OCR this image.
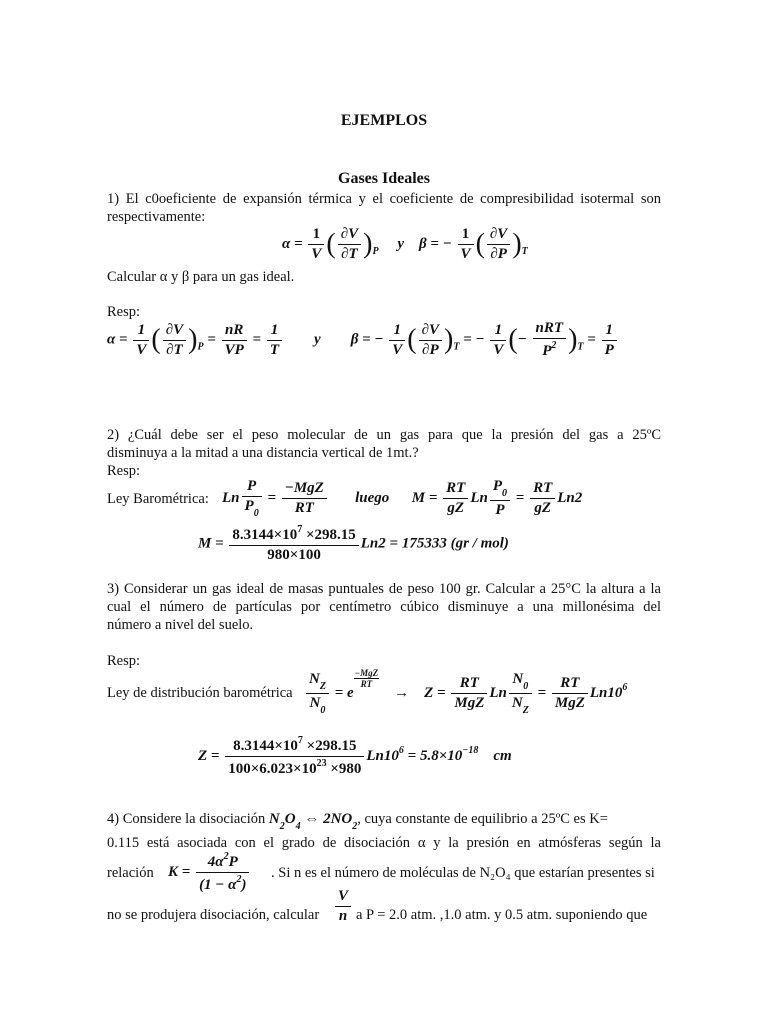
EJEMPLOS
Gases Ideales
1) El c0oeficiente de expansión térmica y el coeficiente de compresibilidad isotermal son
respectivamente:
$\alpha = \frac{1}{V}$ ( $\frac{\partial V}{\partial T} )_P$     y    β = − $\frac{1}{V}$ ( $\frac{\partial V}{\partial P} )_T$
Calcular α y β para un gas ideal.
Resp:
$\alpha = \frac{1}{V}$ ( $\frac{\partial V}{\partial T} )_P = \frac{nR}{VP} = \frac{1}{T}$ y        β = − $\frac{1}{V}$ ( $\frac{\partial V}{\partial P} )_T$ = − $\frac{1}{V}$ (− $\frac{\text{nRT}}{P^2} )_T = \frac{1}{P}$
2) ¿Cuál debe ser el peso molecular de un gas para que la presión del gas a 25ºC
disminuya a la mitad a una distancia vertical de 1mt.?
Resp:
Ley Barométrica: Ln $\frac{P}{P_0} = \frac{\text{−MgZ}}{RT}$ luego      $M = \frac{RT}{gZ}$ Ln $\frac{P_0}{P} = \frac{RT}{gZ} Ln2$
$M = \frac{8.3144\times 10^7 \times 298.15}{980\times 100} Ln2 = 175333$ (gr / mol)
3) Considerar un gas ideal de masas puntuales de peso 100 gr. Calcular a 25°C la altura a la
cual el número de partículas por centímetro cúbico disminuye a una millonésima del
número a nivel del suelo.
Resp:
Ley de distribución barométrica $\frac{N_Z}{N_0} = e$
$\frac{\text{−MgZ}}{RT}$
→    $Z = \frac{RT}{\text{MgZ}}$ Ln $\frac{N_0}{N_Z} = \frac{RT}{\text{MgZ}} Ln10^6$
$Z = \frac{8.3144\times 10^7 \times 298.15}{100\times 6.023\times 10^{23} \times 980} Ln10^6 = 5.8\times 10^{-18}$    cm
4) Considere la disociación $N_2O_4$ ⇔ $2NO_2$, cuya constante de equilibrio a 25ºC es K=
0.115 está asociada con el grado de disociación α y la presión en atmósferas según la
relación $K = \frac{4\alpha^2P}{(1 - \alpha^2)}$ . Si n es el número de moléculas de N₂O₄ que estarían presentes si
no se produjera disociación, calcular $\frac{V}{n}$ a P = 2.0 atm. ,1.0 atm. y 0.5 atm. suponiendo que
